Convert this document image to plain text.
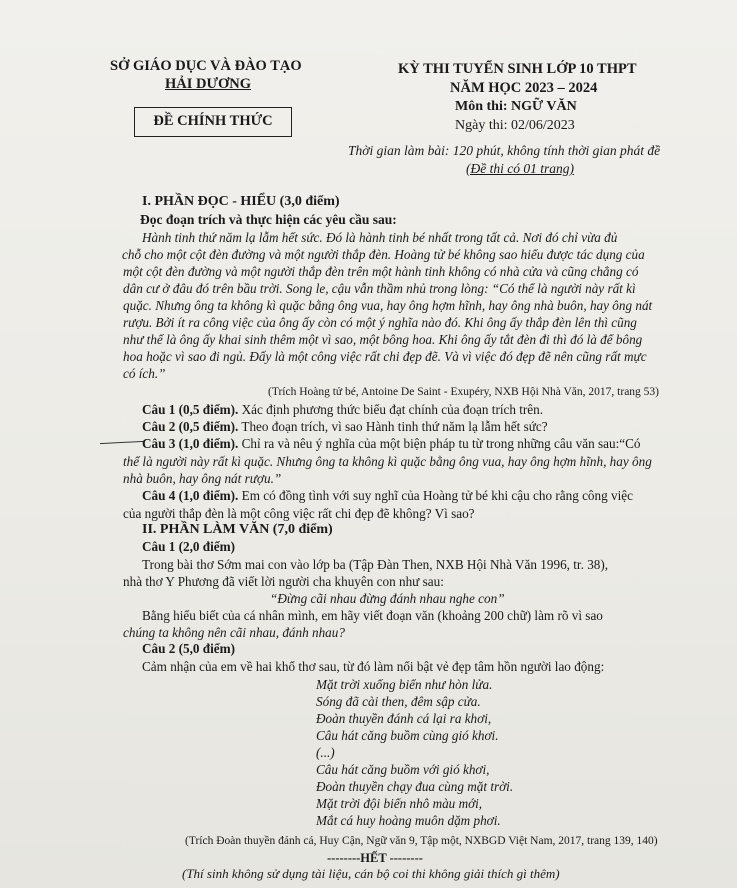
SỞ GIÁO DỤC VÀ ĐÀO TẠO
HẢI DƯƠNG
ĐỀ CHÍNH THỨC
KỲ THI TUYỂN SINH LỚP 10 THPT
NĂM HỌC 2023 – 2024
Môn thi: NGỮ VĂN
Ngày thi: 02/06/2023
Thời gian làm bài: 120 phút, không tính thời gian phát đề
(Đề thi có 01 trang)
I. PHẦN ĐỌC - HIỂU (3,0 điểm)
Đọc đoạn trích và thực hiện các yêu cầu sau:
Hành tinh thứ năm lạ lẫm hết sức. Đó là hành tinh bé nhất trong tất cả. Nơi đó chỉ vừa đủ
chỗ cho một cột đèn đường và một người thắp đèn. Hoàng tử bé không sao hiểu được tác dụng của
một cột đèn đường và một người thắp đèn trên một hành tinh không có nhà cửa và cũng chẳng có
dân cư ở đâu đó trên bầu trời. Song le, cậu vẫn thầm nhủ trong lòng: “Có thể là người này rất kì
quặc. Nhưng ông ta không kì quặc bằng ông vua, hay ông hợm hĩnh, hay ông nhà buôn, hay ông nát
rượu. Bởi ít ra công việc của ông ấy còn có một ý nghĩa nào đó. Khi ông ấy thắp đèn lên thì cũng
như thể là ông ấy khai sinh thêm một vì sao, một bông hoa. Khi ông ấy tắt đèn đi thì đó là để bông
hoa hoặc vì sao đi ngủ. Đấy là một công việc rất chi đẹp đẽ. Và vì việc đó đẹp đẽ nên cũng rất mực
có ích.”
(Trích Hoàng tử bé, Antoine De Saint - Exupéry, NXB Hội Nhà Văn, 2017, trang 53)
Câu 1 (0,5 điểm). Xác định phương thức biểu đạt chính của đoạn trích trên.
Câu 2 (0,5 điểm). Theo đoạn trích, vì sao Hành tinh thứ năm lạ lẫm hết sức?
Câu 3 (1,0 điểm). Chỉ ra và nêu ý nghĩa của một biện pháp tu từ trong những câu văn sau:“Có
thể là người này rất kì quặc. Nhưng ông ta không kì quặc bằng ông vua, hay ông hợm hĩnh, hay ông
nhà buôn, hay ông nát rượu.”
Câu 4 (1,0 điểm). Em có đồng tình với suy nghĩ của Hoàng tử bé khi cậu cho rằng công việc
của người thắp đèn là một công việc rất chi đẹp đẽ không? Vì sao?
II. PHẦN LÀM VĂN (7,0 điểm)
Câu 1 (2,0 điểm)
Trong bài thơ Sớm mai con vào lớp ba (Tập Đàn Then, NXB Hội Nhà Văn 1996, tr. 38),
nhà thơ Y Phương đã viết lời người cha khuyên con như sau:
“Đừng cãi nhau đừng đánh nhau nghe con”
Bằng hiểu biết của cá nhân mình, em hãy viết đoạn văn (khoảng 200 chữ) làm rõ vì sao
chúng ta không nên cãi nhau, đánh nhau?
Câu 2 (5,0 điểm)
Cảm nhận của em về hai khổ thơ sau, từ đó làm nổi bật vẻ đẹp tâm hồn người lao động:
Mặt trời xuống biển như hòn lửa.
Sóng đã cài then, đêm sập cửa.
Đoàn thuyền đánh cá lại ra khơi,
Câu hát căng buồm cùng gió khơi.
(...)
Câu hát căng buồm với gió khơi,
Đoàn thuyền chạy đua cùng mặt trời.
Mặt trời đội biển nhô màu mới,
Mắt cá huy hoàng muôn dặm phơi.
(Trích Đoàn thuyền đánh cá, Huy Cận, Ngữ văn 9, Tập một, NXBGD Việt Nam, 2017, trang 139, 140)
--------HẾT --------
(Thí sinh không sử dụng tài liệu, cán bộ coi thi không giải thích gì thêm)
